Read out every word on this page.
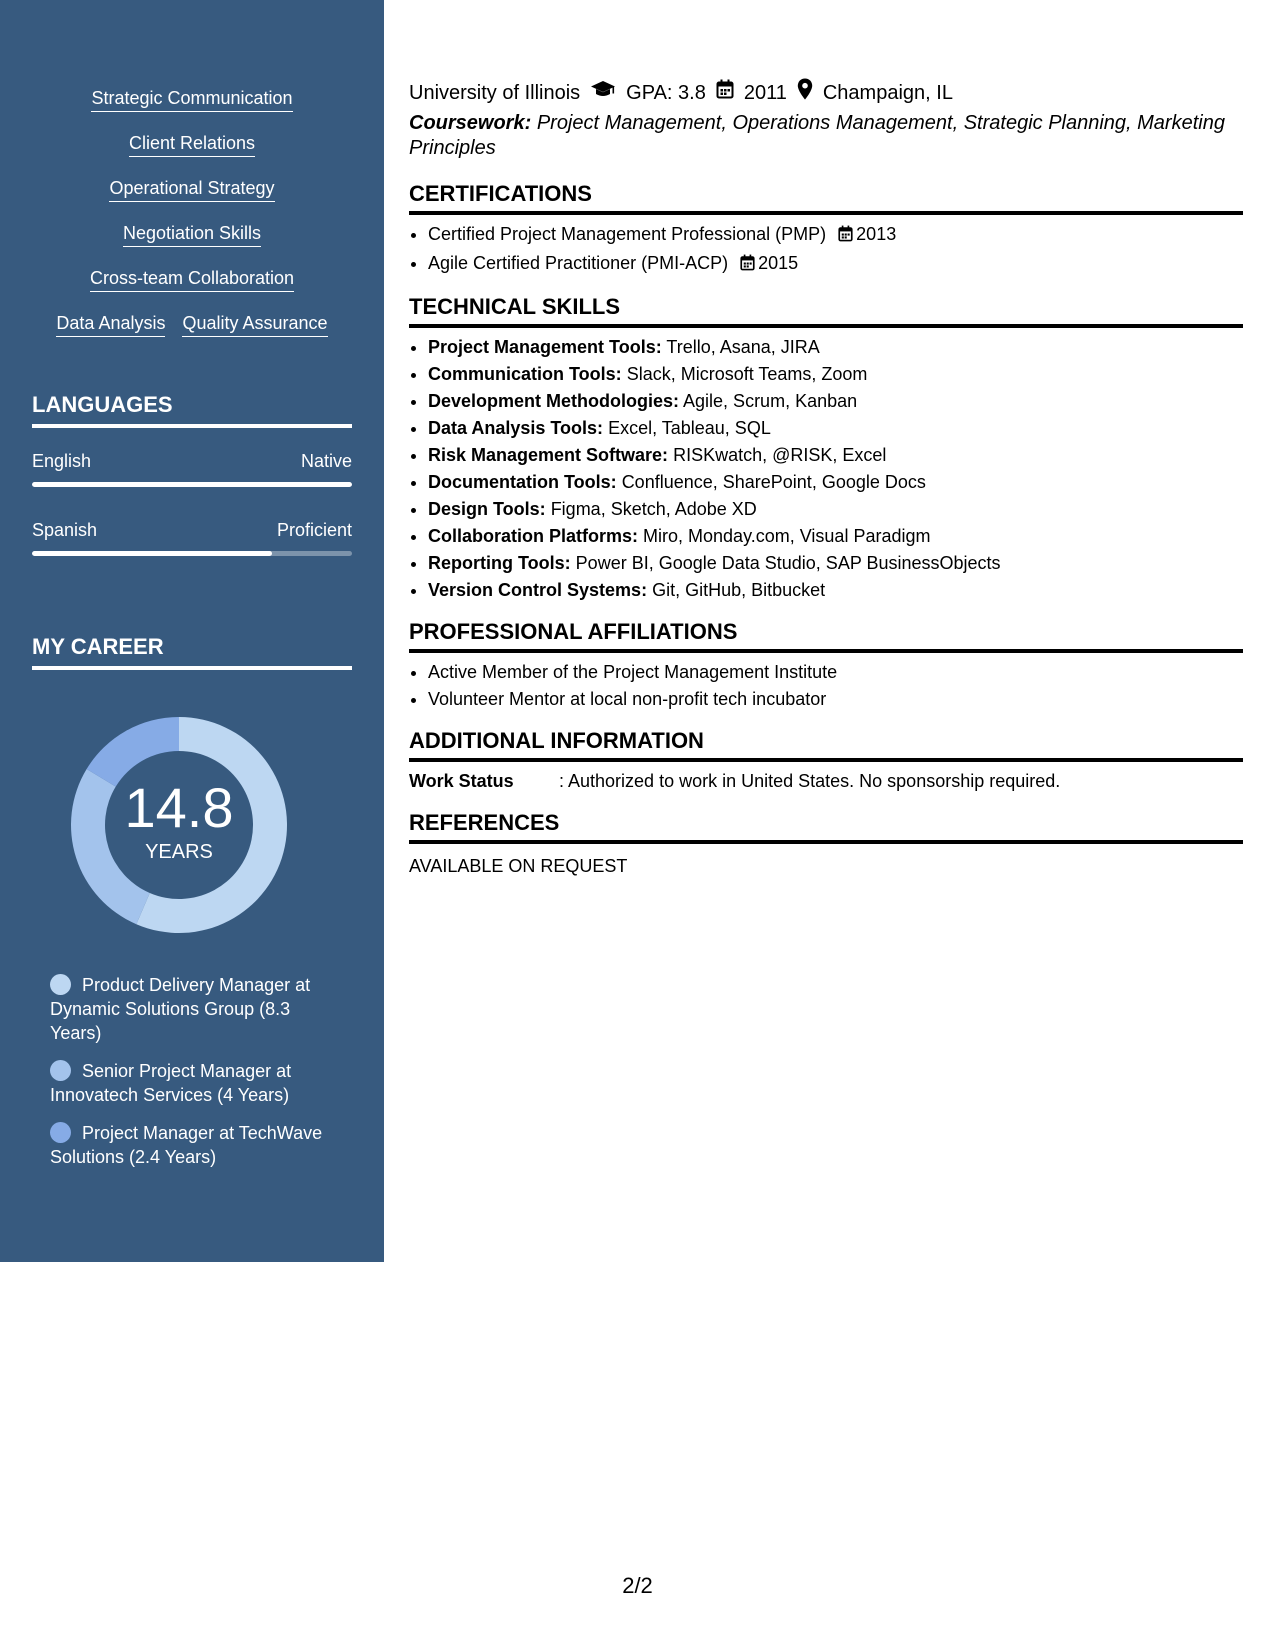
Strategic Communication
Client Relations
Operational Strategy
Negotiation Skills
Cross-team Collaboration
Data Analysis Quality Assurance
LANGUAGES
English	Native
Spanish	Proficient
MY CAREER
14.8
YEARS
Product Delivery Manager at Dynamic Solutions Group (8.3 Years)
Senior Project Manager at Innovatech Services (4 Years)
Project Manager at TechWave Solutions (2.4 Years)
University of Illinois GPA: 3.8 2011 Champaign, IL
Coursework: Project Management, Operations Management, Strategic Planning, Marketing Principles
CERTIFICATIONS
• Certified Project Management Professional (PMP) 2013
• Agile Certified Practitioner (PMI-ACP) 2015
TECHNICAL SKILLS
• Project Management Tools: Trello, Asana, JIRA
• Communication Tools: Slack, Microsoft Teams, Zoom
• Development Methodologies: Agile, Scrum, Kanban
• Data Analysis Tools: Excel, Tableau, SQL
• Risk Management Software: RISKwatch, @RISK, Excel
• Documentation Tools: Confluence, SharePoint, Google Docs
• Design Tools: Figma, Sketch, Adobe XD
• Collaboration Platforms: Miro, Monday.com, Visual Paradigm
• Reporting Tools: Power BI, Google Data Studio, SAP BusinessObjects
• Version Control Systems: Git, GitHub, Bitbucket
PROFESSIONAL AFFILIATIONS
• Active Member of the Project Management Institute
• Volunteer Mentor at local non-profit tech incubator
ADDITIONAL INFORMATION
Work Status	: Authorized to work in United States. No sponsorship required.
REFERENCES
AVAILABLE ON REQUEST
2/2
